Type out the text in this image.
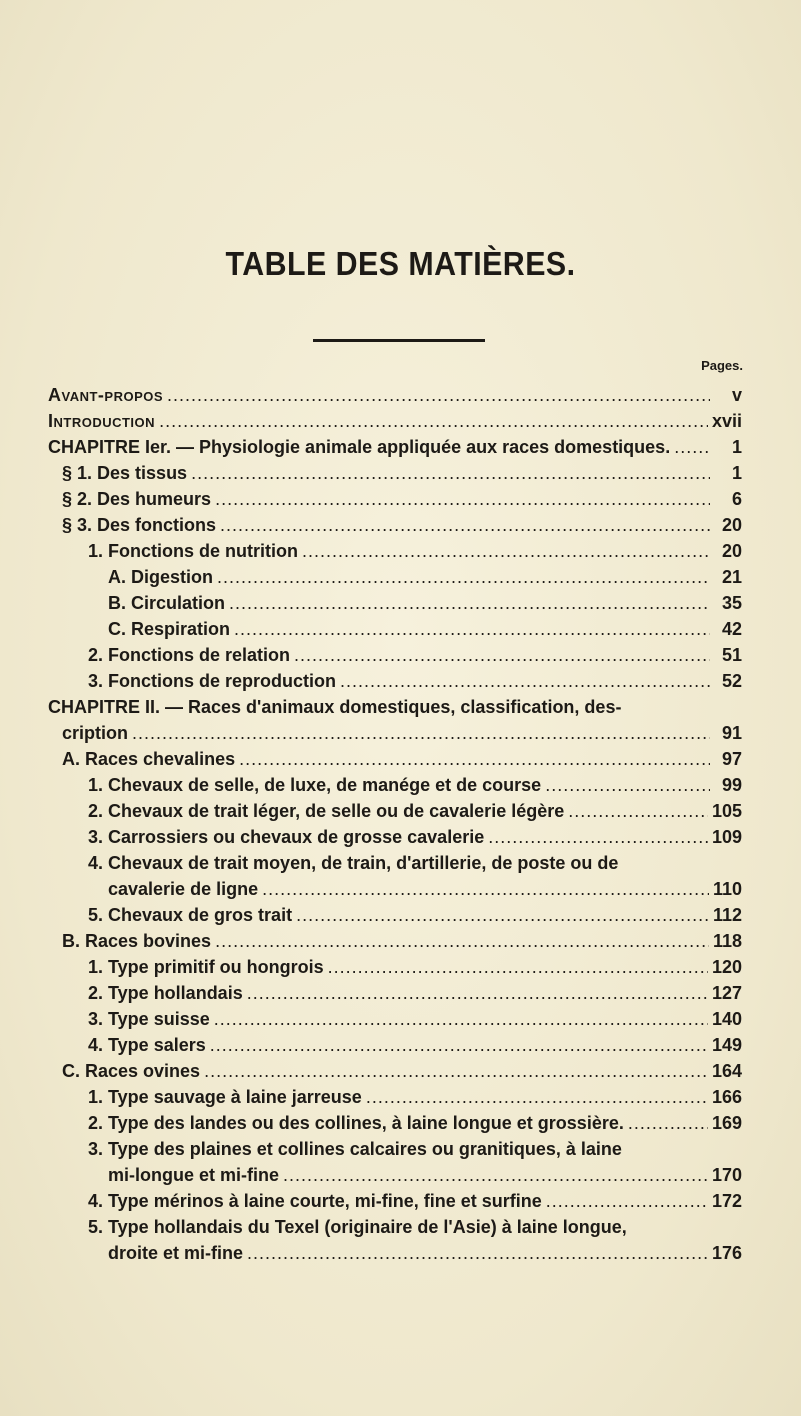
TABLE DES MATIÈRES.
Pages.
Avant-propos .....	v
Introduction .....	xvii
CHAPITRE Ier. — Physiologie animale appliquée aux races domestiques. .....	1
§ 1. Des tissus .....	1
§ 2. Des humeurs .....	6
§ 3. Des fonctions .....	20
1. Fonctions de nutrition .....	20
A. Digestion .....	21
B. Circulation .....	35
C. Respiration .....	42
2. Fonctions de relation .....	51
3. Fonctions de reproduction .....	52
CHAPITRE II. — Races d'animaux domestiques, classification, des-
cription .....	91
A. Races chevalines .....	97
1. Chevaux de selle, de luxe, de manége et de course .....	99
2. Chevaux de trait léger, de selle ou de cavalerie légère .....	105
3. Carrossiers ou chevaux de grosse cavalerie .....	109
4. Chevaux de trait moyen, de train, d'artillerie, de poste ou de
cavalerie de ligne .....	110
5. Chevaux de gros trait .....	112
B. Races bovines .....	118
1. Type primitif ou hongrois .....	120
2. Type hollandais .....	127
3. Type suisse .....	140
4. Type salers .....	149
C. Races ovines .....	164
1. Type sauvage à laine jarreuse .....	166
2. Type des landes ou des collines, à laine longue et grossière. .....	169
3. Type des plaines et collines calcaires ou granitiques, à laine
mi-longue et mi-fine .....	170
4. Type mérinos à laine courte, mi-fine, fine et surfine .....	172
5. Type hollandais du Texel (originaire de l'Asie) à laine longue,
droite et mi-fine .....	176
